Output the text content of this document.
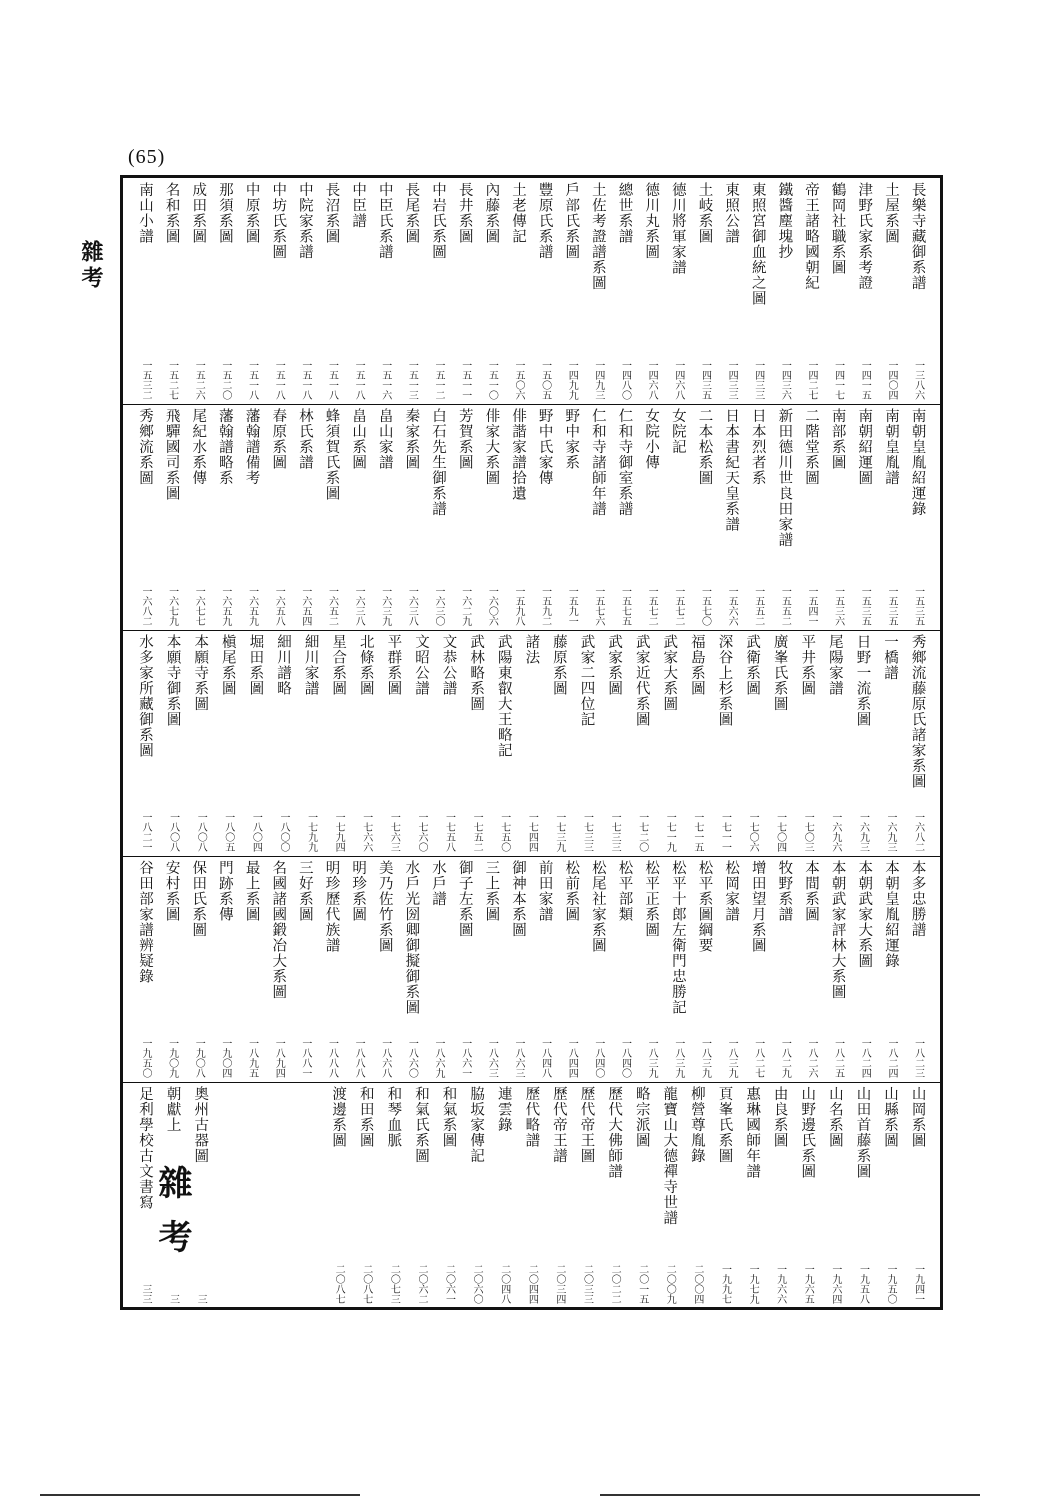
(65)
雜考	長樂寺藏御系譜
一三八六
土屋系圖
一四〇四
津野氏家系考證
一四一五
鶴岡社職系圖
一四一七
帝王諸略國朝紀
一四二七
鐵醬塵塊抄
一四三六
東照宮御血統之圖
一四三三
東照公譜
一四三三
土岐系圖
一四三五
德川將軍家譜
一四六八
德川丸系圖
一四六八
總世系譜
一四八〇
土佐考證譜系圖
一四九三
戶部氏系圖
一四九九
豐原氏系譜
一五〇五
土老傳記
一五〇六
內藤系圖
一五一〇
長井系圖
一五一一
中岩氏系圖
一五一二
長尾系圖
一五一三
中臣氏系譜
一五一六
中臣譜
一五一八
長沼系圖
一五一八
中院家系譜
一五一八
中坊氏系圖
一五一八
中原系圖
一五一八
那須系圖
一五二〇
成田系圖
一五二六
名和系圖
一五二七
南山小譜
一五三二
南朝皇胤紹運錄
一五三五
南朝皇胤譜
一五三五
南朝紹運圖
一五三五
南部系圖
一五三六
二階堂系圖
一五四一
新田德川世良田家譜
一五五二
日本烈者系
一五五二
日本書紀天皇系譜
一五六六
二本松系圖
一五七〇
女院記
一五七二
女院小傳
一五七二
仁和寺御室系譜
一五七五
仁和寺諸師年譜
一五七六
野中家系
一五九一
野中氏家傳
一五九二
俳諧家譜拾遺
一五九八
俳家大系圖
一六〇六
芳賀系圖
一六二九
白石先生御系譜
一六三〇
秦家系圖
一六三八
畠山家譜
一六三九
畠山系圖
一六三八
蜂須賀氏系圖
一六五二
林氏系譜
一六五四
春原系圖
一六五八
藩翰譜備考
一六五九
藩翰譜略系
一六五九
尾紀水系傳
一六七七
飛驒國司系圖
一六七九
秀鄉流系圖
一六八二
秀鄉流藤原氏諸家系圖
一六八二
一橋譜
一六九三
日野一流系圖
一六九三
尾陽家譜
一六九六
平井系圖
一七〇三
廣峯氏系圖
一七〇四
武衛系圖
一七〇六
深谷上杉系圖
一七一一
福島系圖
一七一五
武家大系圖
一七一九
武家近代系圖
一七二〇
武家系圖
一七三三
武家二四位記
一七三三
藤原系圖
一七三九
諸法
一七四四
武陽東叡大王略記
一七五〇
武林略系圖
一七五二
文恭公譜
一七五八
文昭公譜
一七六〇
平群系圖
一七六三
北條系圖
一七六六
星合系圖
一七九四
細川家譜
一七九九
細川譜略
一八〇〇
堀田系圖
一八〇四
槇尾系圖
一八〇五
本願寺系圖
一八〇八
本願寺御系圖
一八〇八
水多家所藏御系圖
一八二一
本多忠勝譜
一八二三
本朝皇胤紹運錄
一八二四
本朝武家大系圖
一八二四
本朝武家評林大系圖
一八二五
本間系圖
一八二六
牧野系譜
一八二九
增田望月系圖
一八二七
松岡家譜
一八三九
松平系圖綱要
一八三九
松平十郎左衛門忠勝記
一八三九
松平正系圖
一八三九
松平部類
一八四〇
松尾社家系圖
一八四〇
松前系圖
一八四四
前田家譜
一八四八
御神本系圖
一八六三
三上系圖
一八六三
御子左系圖
一八六一
水戶譜
一八六九
水戶光圀卿御擬御系圖
一八六〇
美乃佐竹系圖
一八六八
明珍系圖
一八八八
明珍歷代族譜
一八八八
三好系圖
一八八一
名國諸國鍛冶大系圖
一八九四
最上系圖
一八九五
門跡系傳
一九〇四
保田氏系圖
一九〇八
安村系圖
一九〇九
谷田部家譜辨疑錄
一九五〇
山岡系圖
一九四一
山縣系圖
一九五〇
山田首藤系圖
一九五八
山名系圖
一九六四
山野邊氏系圖
一九六五
由良系圖
一九六六
惠琳國師年譜
一九七九
頁峯氏系圖
一九九七
柳營尊胤錄
二〇〇四
龍寶山大德禪寺世譜
二〇〇九
略宗派圖
二〇一五
歷代大佛師譜
二〇二二
歷代帝王圖
二〇三三
歷代帝王譜
二〇三四
歷代略譜
二〇四四
連雲錄
二〇四八
脇坂家傳記
二〇六〇
和氣系圖
二〇六一
和氣氏系圖
二〇六二
和琴血脈
二〇七三
和田系圖
二〇八七
渡邊系圖
二〇八七
奧州古器圖
三
朝獻上
三
足利學校古文書寫
三三
雜考
